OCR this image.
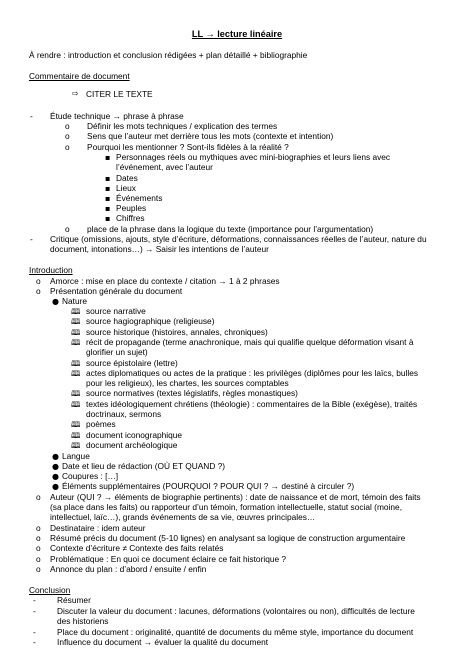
LL → lecture linéaire
À rendre : introduction et conclusion rédigées + plan détaillé + bibliographie
Commentaire de document
⇨ CITER LE TEXTE
- Étude technique → phrase à phrase
o Définir les mots techniques / explication des termes
o Sens que l’auteur met derrière tous les mots (contexte et intention)
o Pourquoi les mentionner ? Sont-ils fidèles à la réalité ?
▪ Personnages réels ou mythiques avec mini-biographies et leurs liens avec
l’événement, avec l’auteur
▪ Dates
▪ Lieux
▪ Événements
▪ Peuples
▪ Chiffres
o place de la phrase dans la logique du texte (importance pour l’argumentation)
- Critique (omissions, ajouts, style d’écriture, déformations, connaissances réelles de l’auteur, nature du
document, intonations…) → Saisir les intentions de l’auteur
Introduction
o Amorce : mise en place du contexte / citation → 1 à 2 phrases
o Présentation générale du document
● Nature
🕮 source narrative
🕮 source hagiographique (religieuse)
🕮 source historique (histoires, annales, chroniques)
🕮 récit de propagande (terme anachronique, mais qui qualifie quelque déformation visant à
glorifier un sujet)
🕮 source épistolaire (lettre)
🕮 actes diplomatiques ou actes de la pratique : les privilèges (diplômes pour les laïcs, bulles
pour les religieux), les chartes, les sources comptables
🕮 source normatives (textes législatifs, règles monastiques)
🕮 textes idéologiquement chrétiens (théologie) : commentaires de la Bible (exégèse), traités
doctrinaux, sermons
🕮 poèmes
🕮 document iconographique
🕮 document archéologique
● Langue
● Date et lieu de rédaction (OÙ ET QUAND ?)
● Coupures : […]
● Éléments supplémentaires (POURQUOI ? POUR QUI ? → destiné à circuler ?)
o Auteur (QUI ? → éléments de biographie pertinents) : date de naissance et de mort, témoin des faits
(sa place dans les faits) ou rapporteur d’un témoin, formation intellectuelle, statut social (moine,
intellectuel, laïc…), grands événements de sa vie, œuvres principales…
o Destinataire : idem auteur
o Résumé précis du document (5-10 lignes) en analysant sa logique de construction argumentaire
o Contexte d’écriture ≠ Contexte des faits relatés
o Problématique : En quoi ce document éclaire ce fait historique ?
o Annonce du plan : d’abord / ensuite / enfin
Conclusion
-	Résumer
-	Discuter la valeur du document : lacunes, déformations (volontaires ou non), difficultés de lecture
des historiens
-	Place du document : originalité, quantité de documents du même style, importance du document
-	Influence du document → évaluer la qualité du document
